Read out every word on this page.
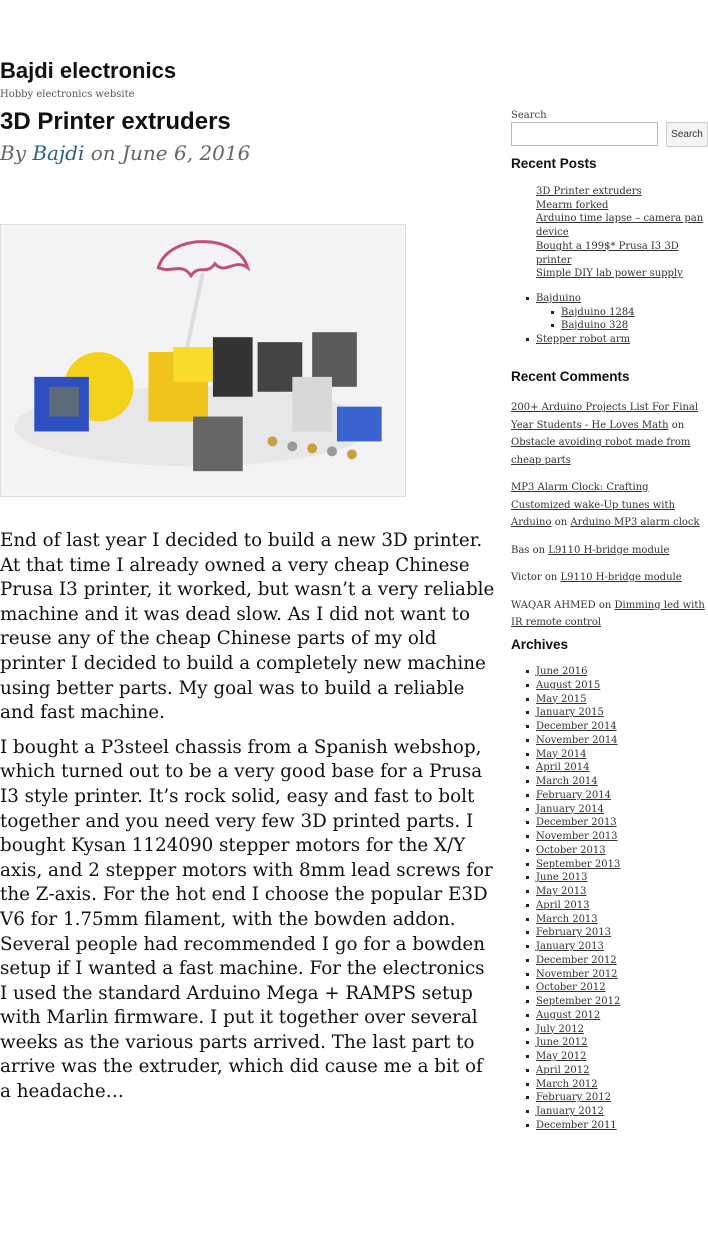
Bajdi electronics
Hobby electronics website
3D Printer extruders
By Bajdi on June 6, 2016

End of last year I decided to build a new 3D printer. At that time I already owned a very cheap Chinese Prusa I3 printer, it worked, but wasn’t a very reliable machine and it was dead slow. As I did not want to reuse any of the cheap Chinese parts of my old printer I decided to build a completely new machine using better parts. My goal was to build a reliable and fast machine.

I bought a P3steel chassis from a Spanish webshop, which turned out to be a very good base for a Prusa I3 style printer. It’s rock solid, easy and fast to bolt together and you need very few 3D printed parts. I bought Kysan 1124090 stepper motors for the X/Y axis, and 2 stepper motors with 8mm lead screws for the Z-axis. For the hot end I choose the popular E3D V6 for 1.75mm filament, with the bowden addon. Several people had recommended I go for a bowden setup if I wanted a fast machine. For the electronics I used the standard Arduino Mega + RAMPS setup with Marlin firmware. I put it together over several weeks as the various parts arrived. The last part to arrive was the extruder, which did cause me a bit of a headache…

Search
Search
Recent Posts
3D Printer extruders
Mearm forked
Arduino time lapse – camera pan device
Bought a 199$* Prusa I3 3D printer
Simple DIY lab power supply
Bajduino
Bajduino 1284
Bajduino 328
Stepper robot arm
Recent Comments
200+ Arduino Projects List For Final Year Students - He Loves Math on Obstacle avoiding robot made from cheap parts
MP3 Alarm Clock: Crafting Customized wake-Up tunes with Arduino on Arduino MP3 alarm clock
Bas on L9110 H-bridge module
Victor on L9110 H-bridge module
WAQAR AHMED on Dimming led with IR remote control
Archives
June 2016
August 2015
May 2015
January 2015
December 2014
November 2014
May 2014
April 2014
March 2014
February 2014
January 2014
December 2013
November 2013
October 2013
September 2013
June 2013
May 2013
April 2013
March 2013
February 2013
January 2013
December 2012
November 2012
October 2012
September 2012
August 2012
July 2012
June 2012
May 2012
April 2012
March 2012
February 2012
January 2012
December 2011
